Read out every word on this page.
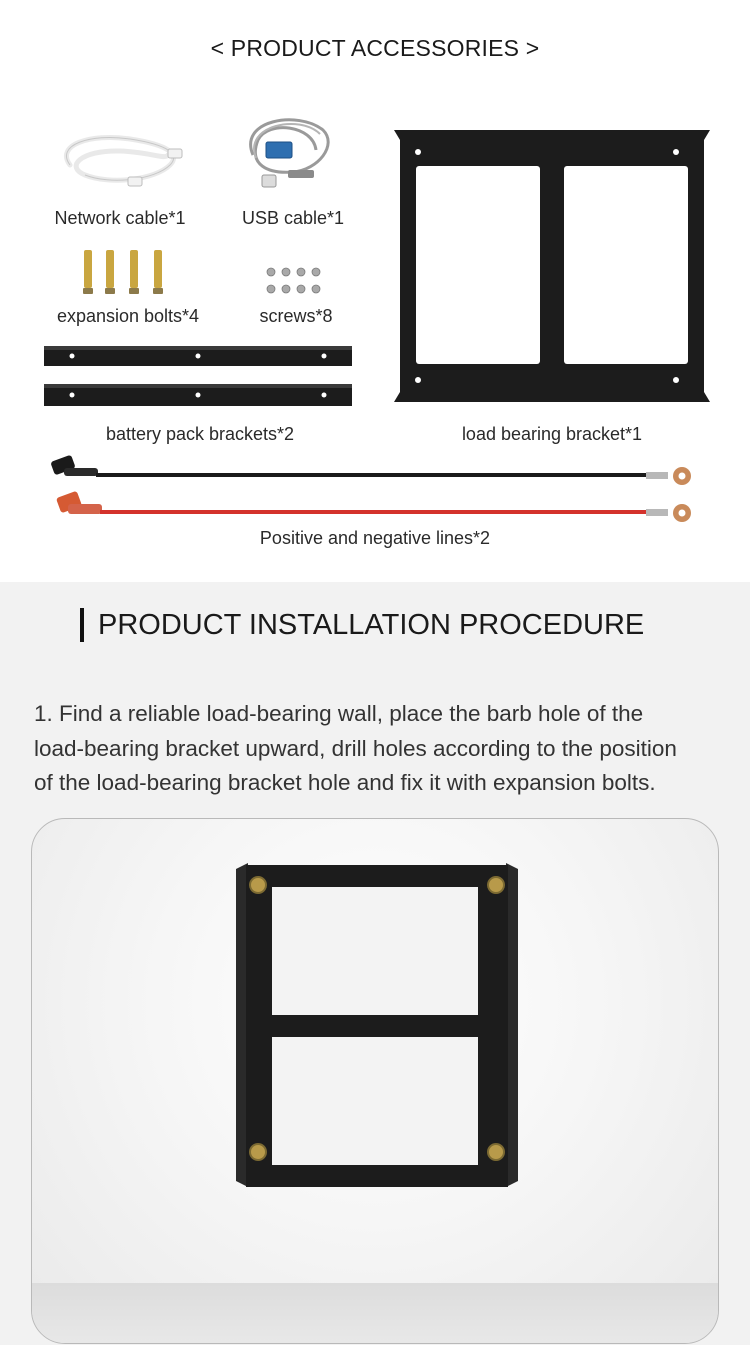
< PRODUCT ACCESSORIES >
Network cable*1	USB cable*1
expansion bolts*4	screws*8
battery pack brackets*2	load bearing bracket*1
Positive and negative lines*2
PRODUCT INSTALLATION PROCEDURE
1. Find a reliable load-bearing wall, place the barb hole of the
load-bearing bracket upward, drill holes according to the position
of the load-bearing bracket hole and fix it with expansion bolts.
